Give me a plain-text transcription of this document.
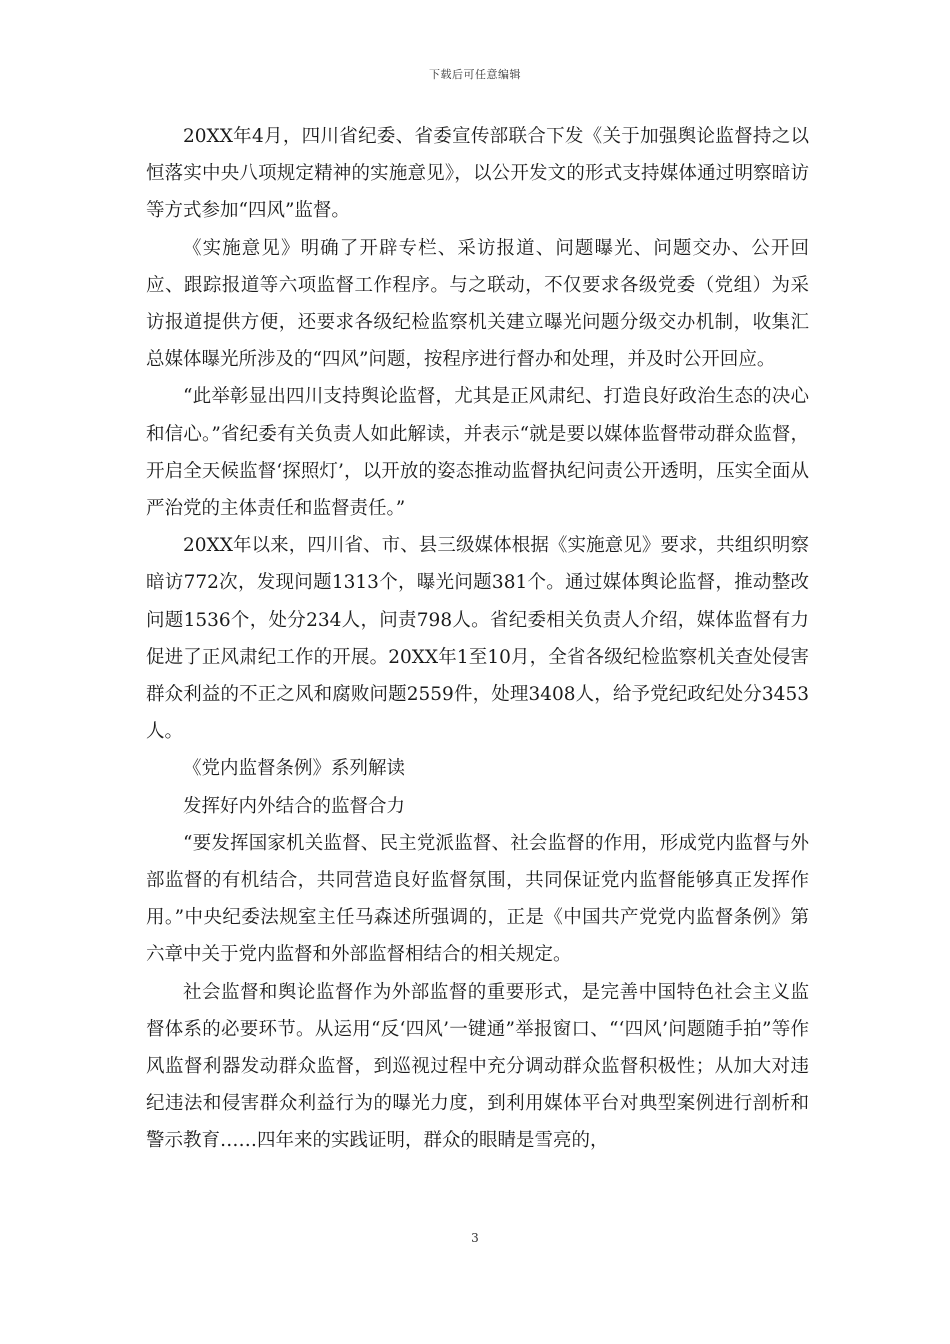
下载后可任意编辑

20XX年4月，四川省纪委、省委宣传部联合下发《关于加强舆论监督持之以恒落实中央八项规定精神的实施意见》，以公开发文的形式支持媒体通过明察暗访等方式参加“四风”监督。

《实施意见》明确了开辟专栏、采访报道、问题曝光、问题交办、公开回应、跟踪报道等六项监督工作程序。与之联动，不仅要求各级党委（党组）为采访报道提供方便，还要求各级纪检监察机关建立曝光问题分级交办机制，收集汇总媒体曝光所涉及的“四风”问题，按程序进行督办和处理，并及时公开回应。

“此举彰显出四川支持舆论监督，尤其是正风肃纪、打造良好政治生态的决心和信心。”省纪委有关负责人如此解读，并表示“就是要以媒体监督带动群众监督，开启全天候监督‘探照灯’，以开放的姿态推动监督执纪问责公开透明，压实全面从严治党的主体责任和监督责任。”

20XX年以来，四川省、市、县三级媒体根据《实施意见》要求，共组织明察暗访772次，发现问题1313个，曝光问题381个。通过媒体舆论监督，推动整改问题1536个，处分234人，问责798人。省纪委相关负责人介绍，媒体监督有力促进了正风肃纪工作的开展。20XX年1至10月，全省各级纪检监察机关查处侵害群众利益的不正之风和腐败问题2559件，处理3408人，给予党纪政纪处分3453人。

《党内监督条例》系列解读

发挥好内外结合的监督合力

“要发挥国家机关监督、民主党派监督、社会监督的作用，形成党内监督与外部监督的有机结合，共同营造良好监督氛围，共同保证党内监督能够真正发挥作用。”中央纪委法规室主任马森述所强调的，正是《中国共产党党内监督条例》第六章中关于党内监督和外部监督相结合的相关规定。

社会监督和舆论监督作为外部监督的重要形式，是完善中国特色社会主义监督体系的必要环节。从运用“反‘四风’一键通”举报窗口、“‘四风’问题随手拍”等作风监督利器发动群众监督，到巡视过程中充分调动群众监督积极性；从加大对违纪违法和侵害群众利益行为的曝光力度，到利用媒体平台对典型案例进行剖析和警示教育……四年来的实践证明，群众的眼睛是雪亮的，

3
